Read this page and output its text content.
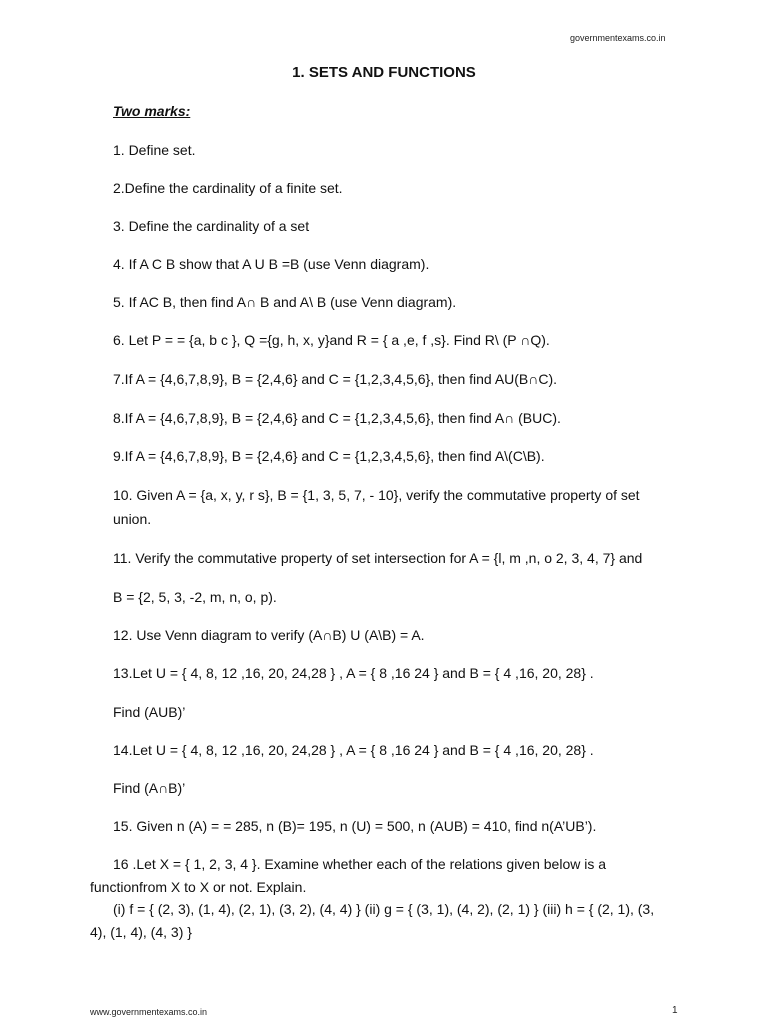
governmentexams.co.in
1. SETS AND FUNCTIONS
Two marks:
1. Define set.
2.Define the cardinality of a finite set.
3. Define the cardinality of a set
4. If A C B show that A U B =B (use Venn diagram).
5. If AC B, then find A∩ B and A\ B (use Venn diagram).
6. Let P = = {a, b c }, Q ={g, h, x, y}and R = { a ,e, f ,s}. Find R\ (P ∩Q).
7.If A = {4,6,7,8,9}, B = {2,4,6} and C = {1,2,3,4,5,6}, then find AU(B∩C).
8.If A = {4,6,7,8,9}, B = {2,4,6} and C = {1,2,3,4,5,6}, then find A∩ (BUC).
9.If A = {4,6,7,8,9}, B = {2,4,6} and C = {1,2,3,4,5,6}, then find A\(C\B).
10. Given A = {a, x, y, r s}, B = {1, 3, 5, 7, - 10}, verify the commutative property of set
union.
11. Verify the commutative property of set intersection for A = {l, m ,n, o 2, 3, 4, 7} and
B = {2, 5, 3, -2, m, n, o, p).
12. Use Venn diagram to verify (A∩B) U (A\B) = A.
13.Let U = { 4, 8, 12 ,16, 20, 24,28 } , A = { 8 ,16 24 } and B = { 4 ,16, 20, 28} .
Find (AUB)’
14.Let U = { 4, 8, 12 ,16, 20, 24,28 } , A = { 8 ,16 24 } and B = { 4 ,16, 20, 28} .
Find (A∩B)’
15. Given n (A) = = 285, n (B)= 195, n (U) = 500, n (AUB) = 410, find n(A’UB’).
16 .Let X = { 1, 2, 3, 4 }. Examine whether each of the relations given below is a
functionfrom X to X or not. Explain.
(i) f = { (2, 3), (1, 4), (2, 1), (3, 2), (4, 4) } (ii) g = { (3, 1), (4, 2), (2, 1) } (iii) h = { (2, 1), (3,
4), (1, 4), (4, 3) }
www.governmentexams.co.in	1
